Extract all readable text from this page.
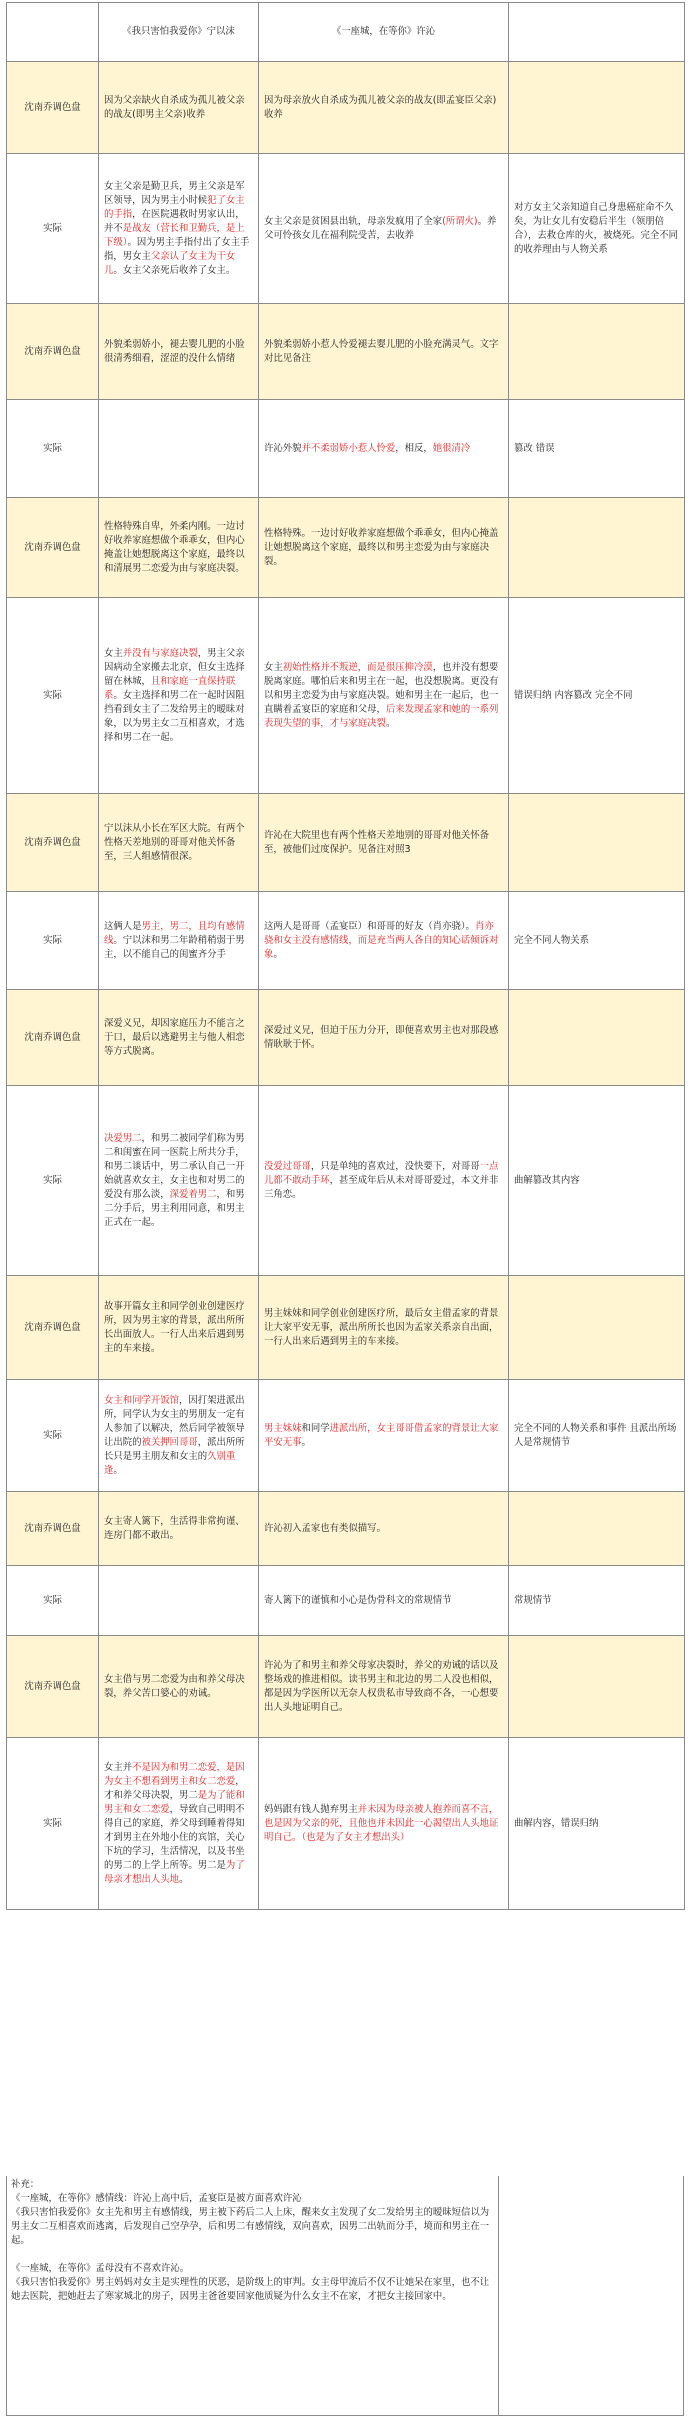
	《我只害怕我爱你》宁以沫	《一座城，在等你》许沁	
沈南乔调色盘	因为父亲缺火自杀成为孤儿被父亲的战友(即男主父亲)收养	因为母亲放火自杀成为孤儿被父亲的战友(即孟宴臣父亲)收养	
实际	女主父亲是勤卫兵，男主父亲是军区领导，因为男主小时候犯了女主的手指，在医院遇救时男家认出，并不是战友（营长和卫勤兵，是上下级）。因为男主手指付出了女主手指，男女主父亲认了女主为干女儿。女主父亲死后收养了女主。	女主父亲是贫困县出轨，母亲发疯用了全家(所谓火)。养父可怜孩女儿在福利院受苦，去收养	对方女主父亲知道自己身患癌症命不久矣，为让女儿有安稳后半生（领朋倍合），去救仓库的火，被烧死。完全不同的收养理由与人物关系
沈南乔调色盘	外貌柔弱娇小，褪去婴儿肥的小脸很清秀细看，涩涩的没什么情绪	外貌柔弱娇小惹人怜爱褪去婴儿肥的小脸充满灵气。文字对比见备注	
实际		许沁外貌并不柔弱娇小惹人怜爱，相反，她很清冷	篡改 错误
沈南乔调色盘	性格特殊自卑，外柔内刚。一边讨好收养家庭想做个乖乖女，但内心掩盖让她想脱离这个家庭，最终以和清展男二恋爱为由与家庭决裂。	性格特殊。一边讨好收养家庭想做个乖乖女，但内心掩盖让她想脱离这个家庭，最终以和男主恋爱为由与家庭决裂。	
实际	女主并没有与家庭决裂，男主父亲因病动全家搬去北京，但女主选择留在林城，且和家庭一直保持联系。女主选择和男二在一起时因阻挡看到女主了二发给男主的暧昧对象，以为男主女二互相喜欢，才选择和男二在一起。	女主初始性格并不叛逆，而是很压抑冷漠，也并没有想要脱离家庭。哪怕后来和男主在一起，也没想脱离。更没有以和男主恋爱为由与家庭决裂。她和男主在一起后，也一直瞒着孟宴臣的家庭和父母，后来发现孟家和她的一系列表现失望的事，才与家庭决裂。	错误归纳 内容篡改 完全不同
沈南乔调色盘	宁以沫从小长在军区大院。有两个性格天差地别的哥哥对他关怀备至，三人组感情很深。	许沁在大院里也有两个性格天差地别的哥哥对他关怀备至，被他们过度保护。见备注对照3	
实际	这俩人是男主，男二，且均有感情线。宁以沫和男二年龄稍稍弱于男主，以不能自己的闺蜜齐分手	这两人是哥哥（孟宴臣）和哥哥的好友（肖亦骁）。肖亦骁和女主没有感情线，而是充当两人各自的知心话倾诉对象。	完全不同人物关系
沈南乔调色盘	深爱义兄，却因家庭压力不能言之于口，最后以逃避男主与他人相恋等方式脱离。	深爱过义兄，但迫于压力分开，即便喜欢男主也对那段感情耿耿于怀。	
实际	决爱男二，和男二被同学们称为男二和闺蜜在同一医院上所共分手，和男二谈话中，男二承认自己一开始就喜欢女主，女主也和对男二的爱没有那么淡，深爱着男二，和男二分手后，男主利用同意，和男主正式在一起。	没爱过哥哥，只是单纯的喜欢过，没快要下，对哥哥一点儿都不敢动手环，甚至成年后从未对哥哥爱过，本文并非三角恋。	曲解篡改其内容
沈南乔调色盘	故事开篇女主和同学创业创建医疗所，因为男主家的背景，派出所所长出面放人。一行人出来后遇到男主的车来接。	男主妹妹和同学创业创建医疗所，最后女主借孟家的背景让大家平安无事，派出所所长也因为孟家关系亲自出面，一行人出来后遇到男主的车来接。	
实际	女主和同学开饭馆，因打架进派出所，同学认为女主的男朋友一定有人参加了以解决，然后同学被领导让出院的被关押回哥哥，派出所所长只是男主朋友和女主的久别重逢。	男主妹妹和同学进派出所，女主哥哥借孟家的背景让大家平安无事。	完全不同的人物关系和事件 且派出所场人是常规情节
沈南乔调色盘	女主寄人篱下，生活得非常拘谨、连房门都不敢出。	许沁初入孟家也有类似描写。	
实际		寄人篱下的谨慎和小心是伪骨科文的常规情节	常规情节
沈南乔调色盘	女主借与男二恋爱为由和养父母决裂，养父苦口婆心的劝诫。	许沁为了和男主和养父母家决裂时，养父的劝诫的话以及整场戏的推进相似。读书男主和北边的男二人没也相似，都是因为学医所以无奈人权贵私市导致商不各，一心想要出人头地证明自己。	
实际	女主并不是因为和男二恋爱，是因为女主不想看到男主和女二恋爱，才和养父母决裂，男二是为了能和男主和女二恋爱，导致自己明明不得自己的家庭，养父母到睡着得知才到男主在外地小住的宾馆，关心下坑的学习，生活情况，以及书坐的男二的上学上所等。男二是为了母亲才想出人头地。	妈妈跟有钱人抛弃男主并未因为母亲被人抱养而喜不言，也是因为父亲的死，且他也并未因此一心渴望出人头地证明自己。（也是为了女主才想出头）	曲解内容，错误归纳

补充：

《一座城，在等你》感情线：许沁上高中后，孟宴臣是被方面喜欢许沁

《我只害怕我爱你》女主先和男主有感情线，男主被下药后二人上床，醒来女主发现了女二发给男主的暧昧短信以为男主女二互相喜欢而逃离，后发现自己空孕孕，后和男二有感情线，双向喜欢，因男二出轨而分手，境而和男主在一起。

《一座城，在等你》孟母没有不喜欢许沁。

《我只害怕我爱你》男主妈妈对女主是实理性的厌恶，是阶级上的审判。女主母甲流后不仅不让她呆在家里，也不让她去医院，把她赶去了寒家城北的房子，因男主爸爸要回家他质疑为什么女主不在家，才把女主接回家中。
